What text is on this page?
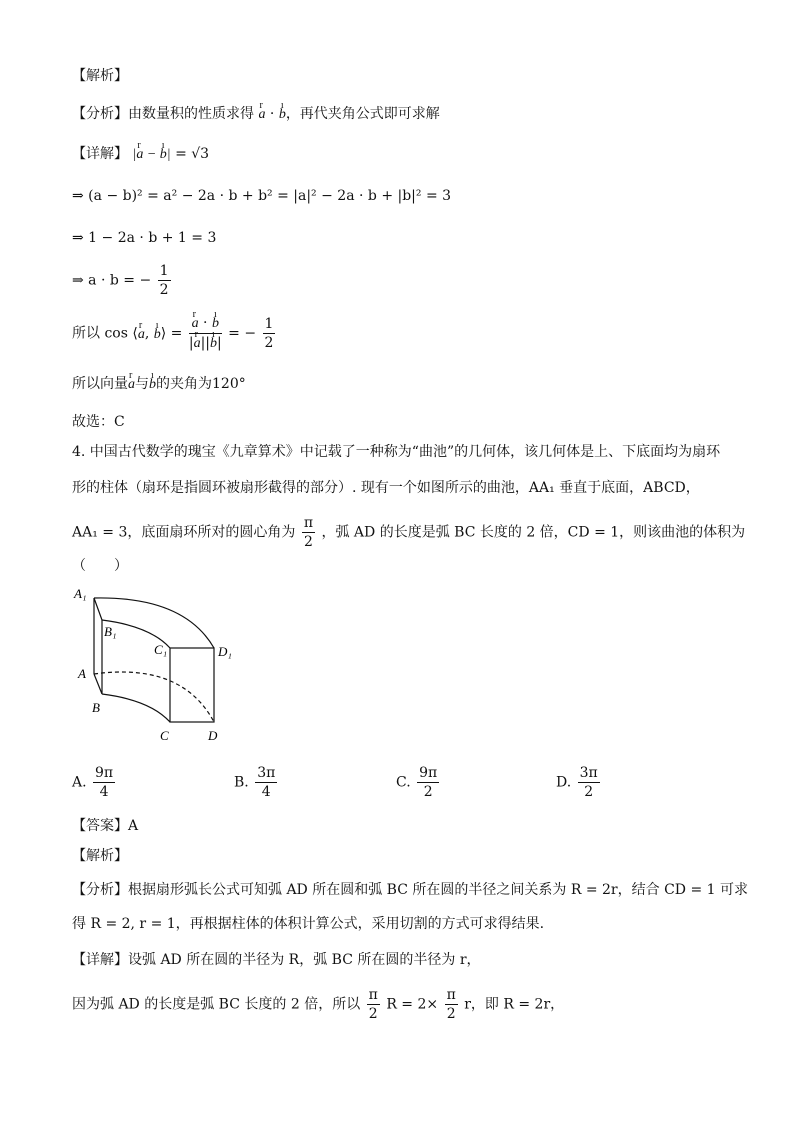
【解析】
【分析】由数量积的性质求得 r a · ı b，再代夹角公式即可求解
【详解】 |r a − ı b| = √3
⇒ (a − b)² = a² − 2a · b + b² = |a|² − 2a · b + |b|² = 3
⇒ 1 − 2a · b + 1 = 3
⇒ a · b = − $\frac{1}{2}$
所以 cos ⟨r a, ı b⟩ = r $\frac{\text{a · ı b}}{\text{|r a||ı b|}}$ = − $\frac{1}{2}$
所以向量r a与ı b的夹角为120°
故选：C
4. 中国古代数学的瑰宝《九章算术》中记载了一种称为“曲池”的几何体，该几何体是上、下底面均为扇环
形的柱体（扇环是指圆环被扇形截得的部分）. 现有一个如图所示的曲池，AA₁ 垂直于底面，ABCD，
AA₁ = 3，底面扇环所对的圆心角为 $\frac{\pi}{2}$ ，弧 AD 的长度是弧 BC 长度的 2 倍，CD = 1，则该曲池的体积为
（　　）
A₁
B₁
C₁	D₁
A
B
C	D
A. $\frac{9\pi}{4}$	B. $\frac{3\pi}{4}$	C. $\frac{9\pi}{2}$	D. $\frac{3\pi}{2}$
【答案】A
【解析】
【分析】根据扇形弧长公式可知弧 AD 所在圆和弧 BC 所在圆的半径之间关系为 R = 2r，结合 CD = 1 可求
得 R = 2, r = 1，再根据柱体的体积计算公式，采用切割的方式可求得结果.
【详解】设弧 AD 所在圆的半径为 R，弧 BC 所在圆的半径为 r，
因为弧 AD 的长度是弧 BC 长度的 2 倍，所以 $\frac{\pi}{2}$ $R = 2\times \frac{\pi}{2}$ r，即 R = 2r，
